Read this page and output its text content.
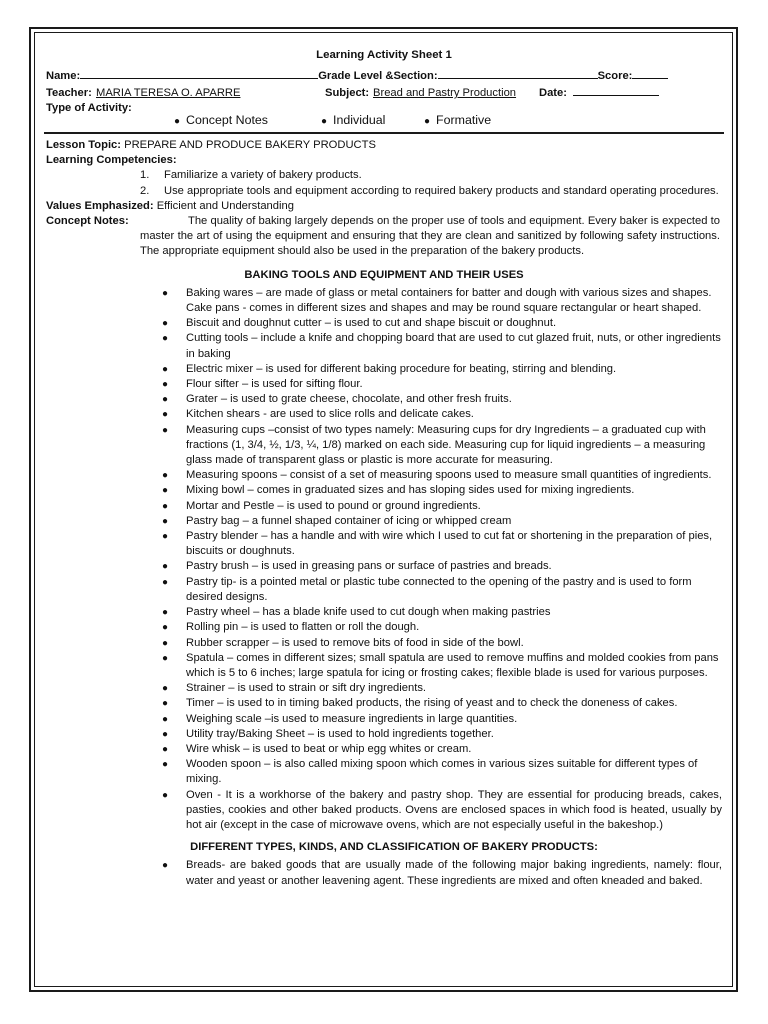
Learning Activity Sheet 1
Name:	Grade Level &Section:	Score:
Teacher: MARIA TERESA O. APARRE	Subject: Bread and Pastry Production	Date:
Type of Activity:
● Concept Notes	● Individual	● Formative
Lesson Topic: PREPARE AND PRODUCE BAKERY PRODUCTS
Learning Competencies:
1.	Familiarize a variety of bakery products.
2.	Use appropriate tools and equipment according to required bakery products and standard operating procedures.
Values Emphasized: Efficient and Understanding
Concept Notes:	The quality of baking largely depends on the proper use of tools and equipment. Every baker is expected to master the art of using the equipment and ensuring that they are clean and sanitized by following safety instructions. The appropriate equipment should also be used in the preparation of the bakery products.
BAKING TOOLS AND EQUIPMENT AND THEIR USES
●	Baking wares – are made of glass or metal containers for batter and dough with various sizes and shapes. Cake pans - comes in different sizes and shapes and may be round square rectangular or heart shaped.
●	Biscuit and doughnut cutter – is used to cut and shape biscuit or doughnut.
●	Cutting tools – include a knife and chopping board that are used to cut glazed fruit, nuts, or other ingredients in baking
●	Electric mixer – is used for different baking procedure for beating, stirring and blending.
●	Flour sifter – is used for sifting flour.
●	Grater – is used to grate cheese, chocolate, and other fresh fruits.
●	Kitchen shears - are used to slice rolls and delicate cakes.
●	Measuring cups –consist of two types namely: Measuring cups for dry Ingredients – a graduated cup with fractions (1, 3/4, ½, 1/3, ¼, 1/8) marked on each side. Measuring cup for liquid ingredients – a measuring glass made of transparent glass or plastic is more accurate for measuring.
●	Measuring spoons – consist of a set of measuring spoons used to measure small quantities of ingredients.
●	Mixing bowl – comes in graduated sizes and has sloping sides used for mixing ingredients.
●	Mortar and Pestle – is used to pound or ground ingredients.
●	Pastry bag – a funnel shaped container of icing or whipped cream
●	Pastry blender – has a handle and with wire which I used to cut fat or shortening in the preparation of pies, biscuits or doughnuts.
●	Pastry brush – is used in greasing pans or surface of pastries and breads.
●	Pastry tip- is a pointed metal or plastic tube connected to the opening of the pastry and is used to form desired designs.
●	Pastry wheel – has a blade knife used to cut dough when making pastries
●	Rolling pin – is used to flatten or roll the dough.
●	Rubber scrapper – is used to remove bits of food in side of the bowl.
●	Spatula – comes in different sizes; small spatula are used to remove muffins and molded cookies from pans which is 5 to 6 inches; large spatula for icing or frosting cakes; flexible blade is used for various purposes.
●	Strainer – is used to strain or sift dry ingredients.
●	Timer – is used to in timing baked products, the rising of yeast and to check the doneness of cakes.
●	Weighing scale –is used to measure ingredients in large quantities.
●	Utility tray/Baking Sheet – is used to hold ingredients together.
●	Wire whisk – is used to beat or whip egg whites or cream.
●	Wooden spoon – is also called mixing spoon which comes in various sizes suitable for different types of mixing.
●	Oven - It is a workhorse of the bakery and pastry shop. They are essential for producing breads, cakes, pasties, cookies and other baked products. Ovens are enclosed spaces in which food is heated, usually by hot air (except in the case of microwave ovens, which are not especially useful in the bakeshop.)
DIFFERENT TYPES, KINDS, AND CLASSIFICATION OF BAKERY PRODUCTS:
●	Breads- are baked goods that are usually made of the following major baking ingredients, namely: flour, water and yeast or another leavening agent. These ingredients are mixed and often kneaded and baked.
